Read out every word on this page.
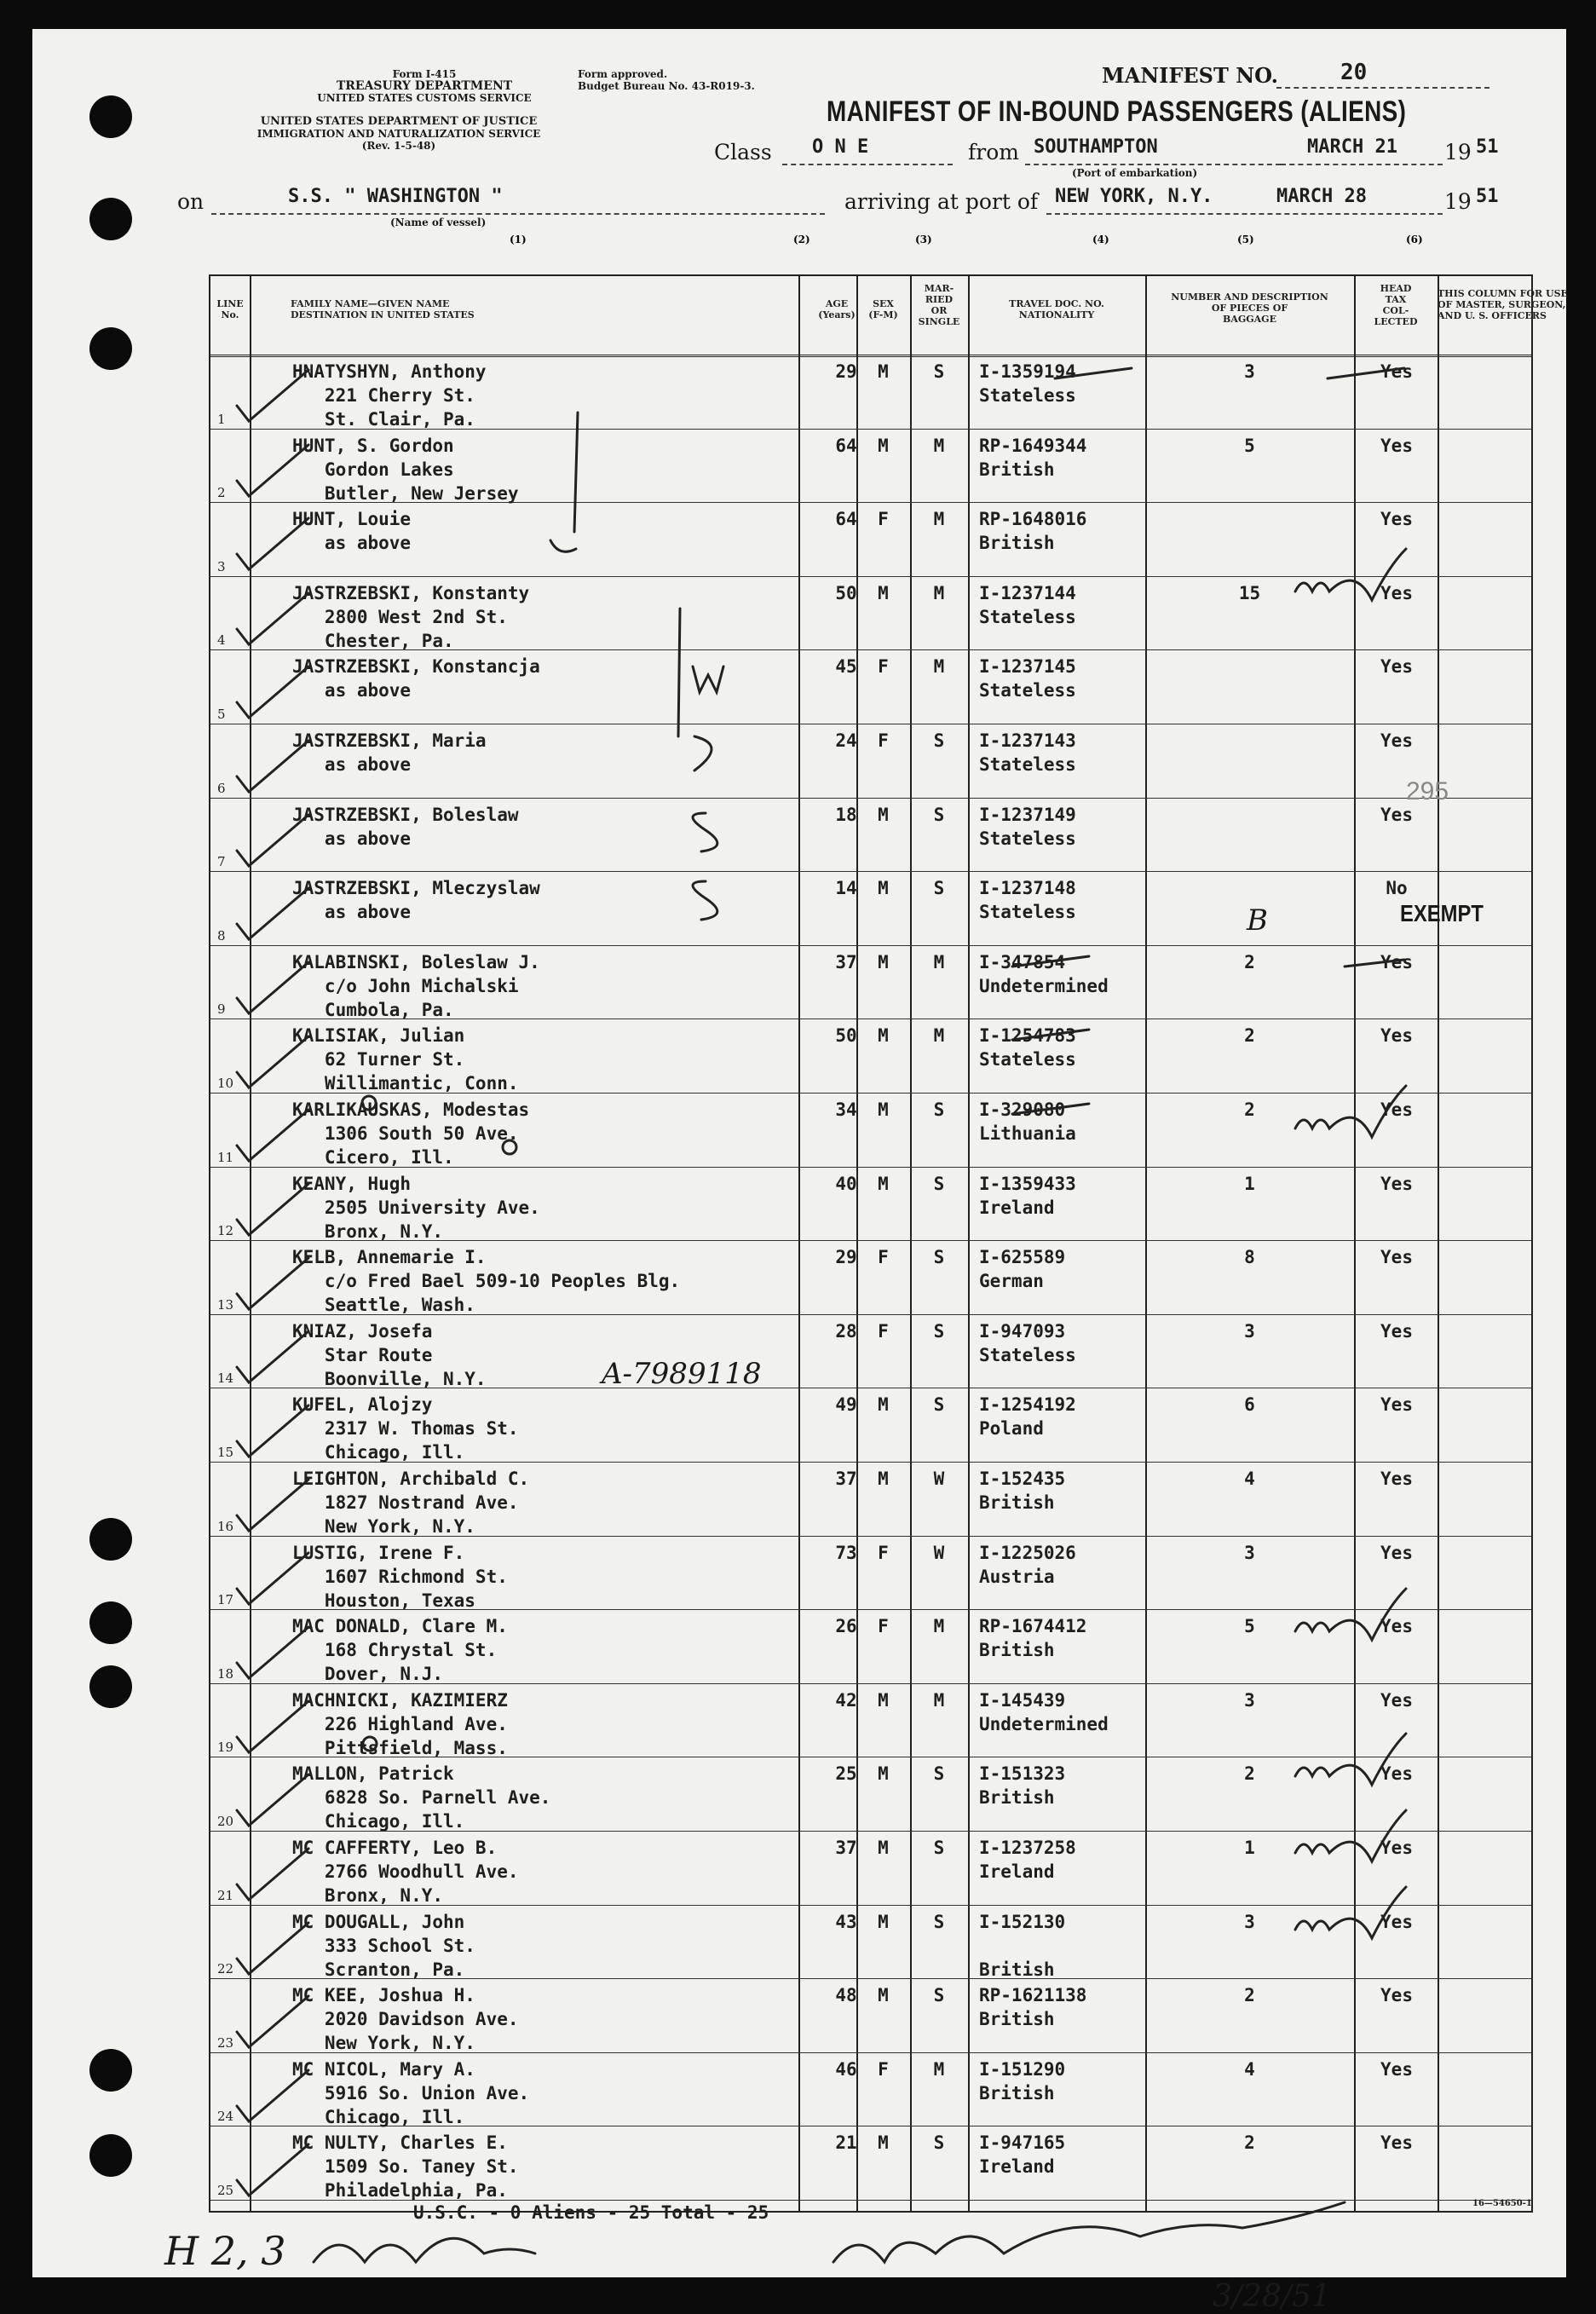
Form I-415
TREASURY DEPARTMENT
UNITED STATES CUSTOMS SERVICE
Form approved.
Budget Bureau No. 43-R019-3.
UNITED STATES DEPARTMENT OF JUSTICE
IMMIGRATION AND NATURALIZATION SERVICE
(Rev. 1-5-48)
MANIFEST NO.	20
MANIFEST OF IN-BOUND PASSENGERS (ALIENS)
Class O N E	from SOUTHAMPTON
(Port of embarkation)
MARCH 21 19 51
on	S.S. " WASHINGTON "
(Name of vessel)
arriving at port of NEW YORK, N.Y.	MARCH 28	19 51
(1)	(2)	(3)	(4)	(5)	(6)
LINE
No.
FAMILY NAME—GIVEN NAME
DESTINATION IN UNITED STATES
AGE
(Years)
SEX
(F-M)
MAR-
RIED
OR
SINGLE
TRAVEL DOC. NO.
NATIONALITY
NUMBER AND DESCRIPTION
OF PIECES OF
BAGGAGE
HEAD
TAX
COL-
LECTED
THIS COLUMN FOR USE
OF MASTER, SURGEON,
AND U. S. OFFICERS
1
HNATYSHYN, Anthony
221 Cherry St.
St. Clair, Pa.
29	M	S	I-1359194
Stateless
3	Yes
2
HUNT, S. Gordon
Gordon Lakes
Butler, New Jersey
64	M	M	RP-1649344
British
5	Yes
3
HUNT, Louie
as above
64	F	M	RP-1648016
British
Yes
4
JASTRZEBSKI, Konstanty
2800 West 2nd St.
Chester, Pa.
50	M	M	I-1237144
Stateless
15	Yes
5
JASTRZEBSKI, Konstancja
as above
45	F	M	I-1237145
Stateless
Yes
6
JASTRZEBSKI, Maria
as above
24	F	S	I-1237143
Stateless
Yes
7
JASTRZEBSKI, Boleslaw
as above
18	M	S	I-1237149
Stateless
Yes
8
JASTRZEBSKI, Mleczyslaw
as above
14	M	S	I-1237148
Stateless
No
9
KALABINSKI, Boleslaw J.
c/o John Michalski
Cumbola, Pa.
37	M	M	I-347854
Undetermined
2	Yes
10
KALISIAK, Julian
62 Turner St.
Willimantic, Conn.
50	M	M	I-1254783
Stateless
2	Yes
11
KARLIKAUSKAS, Modestas
1306 South 50 Ave.
Cicero, Ill.
34	M	S	I-329080
Lithuania
2	Yes
12
KEANY, Hugh
2505 University Ave.
Bronx, N.Y.
40	M	S	I-1359433
Ireland
1	Yes
13
KELB, Annemarie I.
c/o Fred Bael 509-10 Peoples Blg.
Seattle, Wash.
29	F	S	I-625589
German
8	Yes
14
KNIAZ, Josefa
Star Route
Boonville, N.Y.
28	F	S	I-947093
Stateless
3	Yes
15
KUFEL, Alojzy
2317 W. Thomas St.
Chicago, Ill.
49	M	S	I-1254192
Poland
6	Yes
16
LEIGHTON, Archibald C.
1827 Nostrand Ave.
New York, N.Y.
37	M	W	I-152435
British
4	Yes
17
LUSTIG, Irene F.
1607 Richmond St.
Houston, Texas
73	F	W	I-1225026
Austria
3	Yes
18
MAC DONALD, Clare M.
168 Chrystal St.
Dover, N.J.
26	F	M	RP-1674412
British
5	Yes
19
MACHNICKI, KAZIMIERZ
226 Highland Ave.
Pittsfield, Mass.
42	M	M	I-145439
Undetermined
3	Yes
20
MALLON, Patrick
6828 So. Parnell Ave.
Chicago, Ill.
25	M	S	I-151323
British
2	Yes
21
MC CAFFERTY, Leo B.
2766 Woodhull Ave.
Bronx, N.Y.
37	M	S	I-1237258
Ireland
1	Yes
22
MC DOUGALL, John
333 School St.
Scranton, Pa.
43	M	S	I-152130

British
3	Yes
23
MC KEE, Joshua H.
2020 Davidson Ave.
New York, N.Y.
48	M	S	RP-1621138
British
2	Yes
24
MC NICOL, Mary A.
5916 So. Union Ave.
Chicago, Ill.
46	F	M	I-151290
British
4	Yes
25
MC NULTY, Charles E.
1509 So. Taney St.
Philadelphia, Pa.
21	M	S	I-947165
Ireland
2	Yes
EXEMPT
B
A-7989118
295
U.S.C. - 0 Aliens - 25 Total - 25	16—54650-1
H 2, 3
3/28/51
